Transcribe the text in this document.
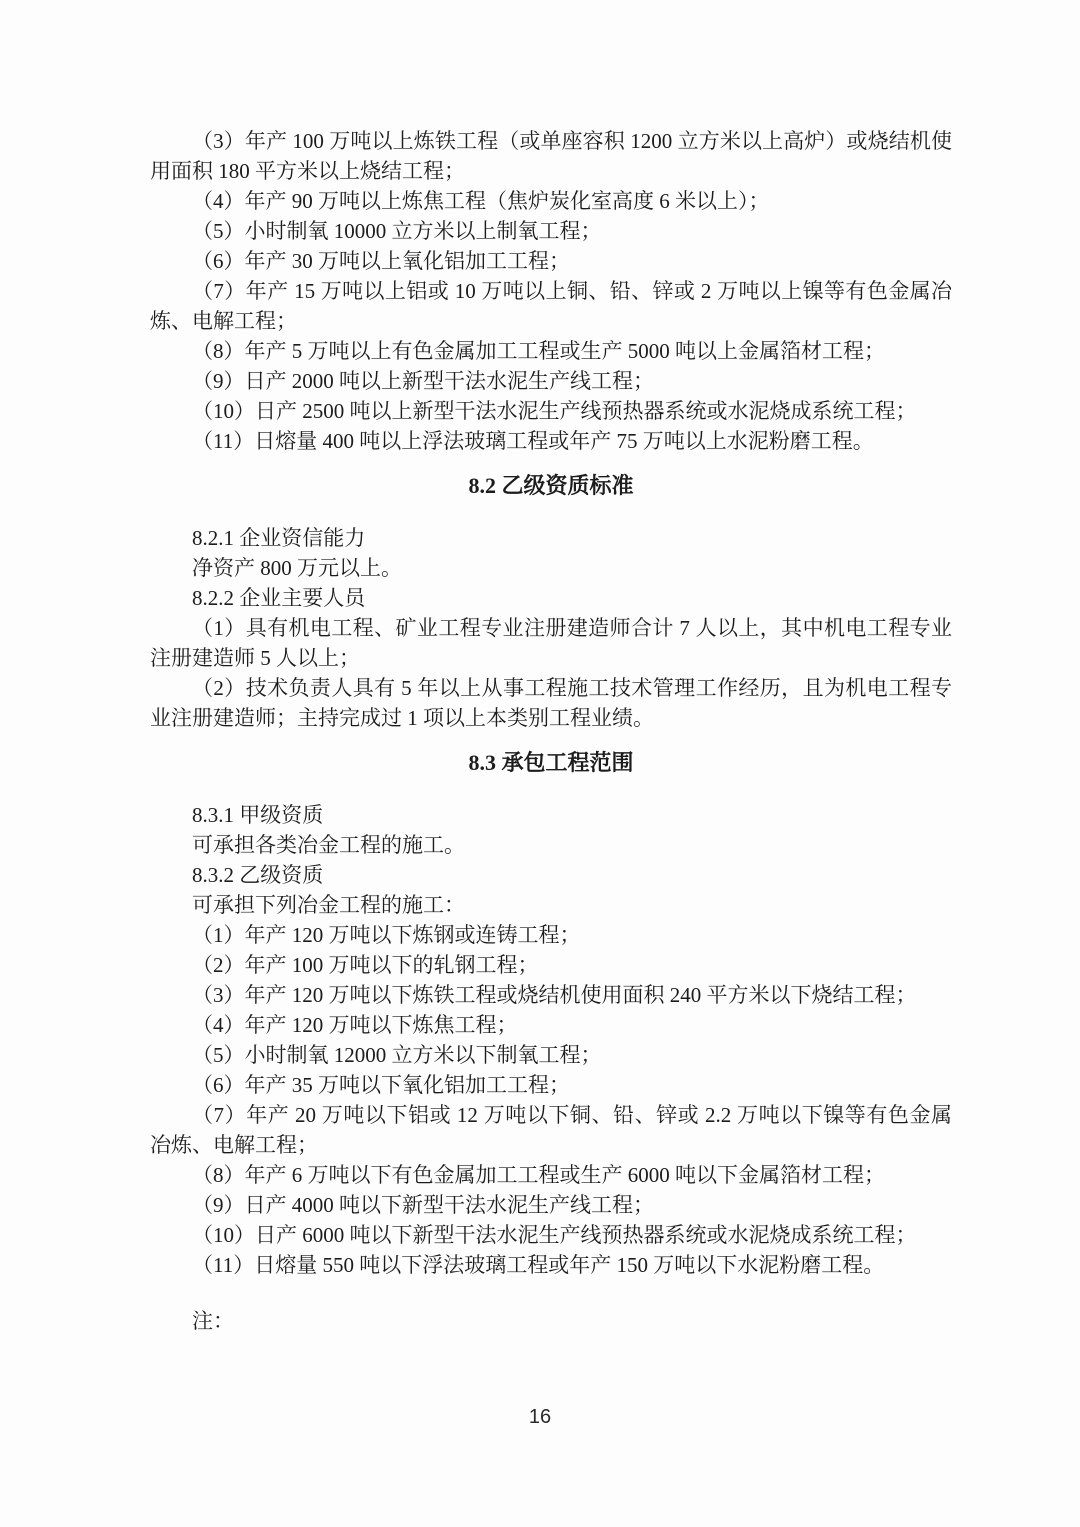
（3）年产 100 万吨以上炼铁工程（或单座容积 1200 立方米以上高炉）或烧结机使用面积 180 平方米以上烧结工程；

（4）年产 90 万吨以上炼焦工程（焦炉炭化室高度 6 米以上）；

（5）小时制氧 10000 立方米以上制氧工程；

（6）年产 30 万吨以上氧化铝加工工程；

（7）年产 15 万吨以上铝或 10 万吨以上铜、铅、锌或 2 万吨以上镍等有色金属冶炼、电解工程；

（8）年产 5 万吨以上有色金属加工工程或生产 5000 吨以上金属箔材工程；

（9）日产 2000 吨以上新型干法水泥生产线工程；

（10）日产 2500 吨以上新型干法水泥生产线预热器系统或水泥烧成系统工程；

（11）日熔量 400 吨以上浮法玻璃工程或年产 75 万吨以上水泥粉磨工程。

8.2 乙级资质标准

8.2.1 企业资信能力

净资产 800 万元以上。

8.2.2 企业主要人员

（1）具有机电工程、矿业工程专业注册建造师合计 7 人以上，其中机电工程专业注册建造师 5 人以上；

（2）技术负责人具有 5 年以上从事工程施工技术管理工作经历，且为机电工程专业注册建造师；主持完成过 1 项以上本类别工程业绩。

8.3 承包工程范围

8.3.1 甲级资质

可承担各类冶金工程的施工。

8.3.2 乙级资质

可承担下列冶金工程的施工：

（1）年产 120 万吨以下炼钢或连铸工程；

（2）年产 100 万吨以下的轧钢工程；

（3）年产 120 万吨以下炼铁工程或烧结机使用面积 240 平方米以下烧结工程；

（4）年产 120 万吨以下炼焦工程；

（5）小时制氧 12000 立方米以下制氧工程；

（6）年产 35 万吨以下氧化铝加工工程；

（7）年产 20 万吨以下铝或 12 万吨以下铜、铅、锌或 2.2 万吨以下镍等有色金属冶炼、电解工程；

（8）年产 6 万吨以下有色金属加工工程或生产 6000 吨以下金属箔材工程；

（9）日产 4000 吨以下新型干法水泥生产线工程；

（10）日产 6000 吨以下新型干法水泥生产线预热器系统或水泥烧成系统工程；

（11）日熔量 550 吨以下浮法玻璃工程或年产 150 万吨以下水泥粉磨工程。

注：

16
